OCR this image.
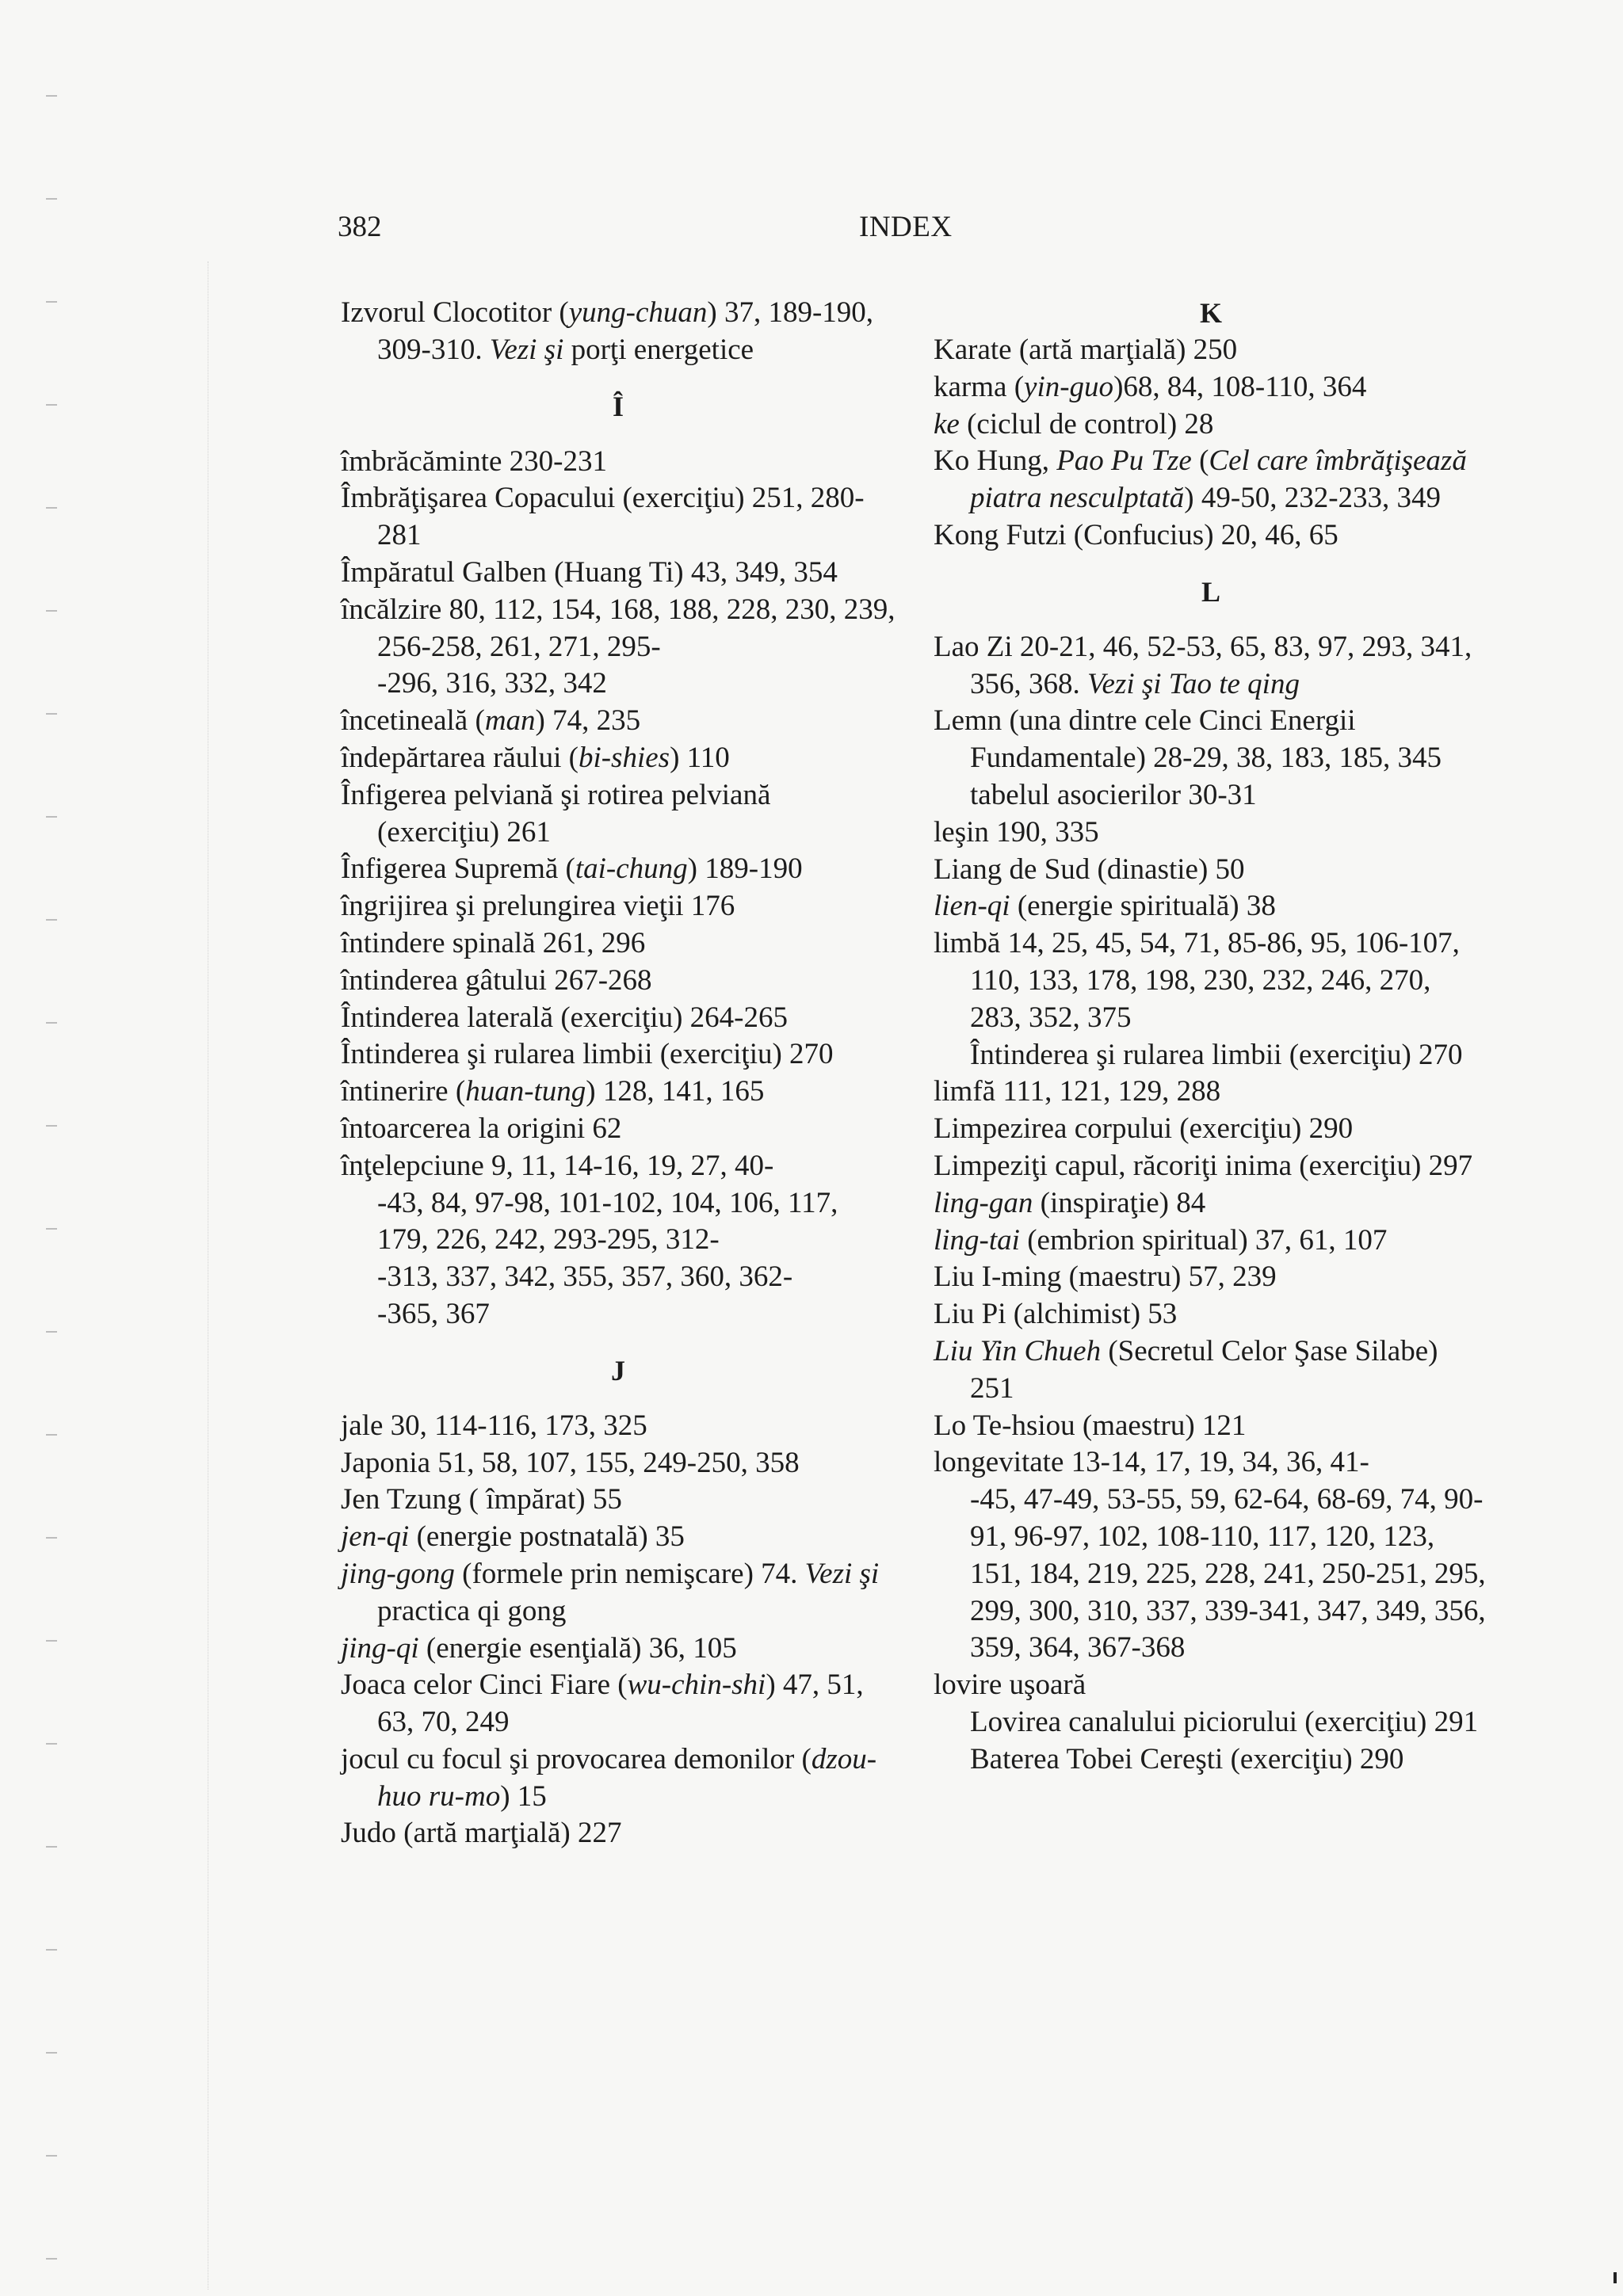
382	INDEX
Izvorul Clocotitor (yung-chuan) 37, 189-190, 309-310. Vezi şi porţi energetice
Î
îmbrăcăminte 230-231
Îmbrăţişarea Copacului (exerciţiu) 251, 280-281
Împăratul Galben (Huang Ti) 43, 349, 354
încălzire 80, 112, 154, 168, 188, 228, 230, 239, 256-258, 261, 271, 295-
-296, 316, 332, 342
încetineală (man) 74, 235
îndepărtarea răului (bi-shies) 110
Înfigerea pelviană şi rotirea pelviană (exerciţiu) 261
Înfigerea Supremă (tai-chung) 189-190
îngrijirea şi prelungirea vieţii 176
întindere spinală 261, 296
întinderea gâtului 267-268
Întinderea laterală (exerciţiu) 264-265
Întinderea şi rularea limbii (exerciţiu) 270
întinerire (huan-tung) 128, 141, 165
întoarcerea la origini 62
înţelepciune 9, 11, 14-16, 19, 27, 40-
-43, 84, 97-98, 101-102, 104, 106, 117, 179, 226, 242, 293-295, 312-
-313, 337, 342, 355, 357, 360, 362-
-365, 367
J
jale 30, 114-116, 173, 325
Japonia 51, 58, 107, 155, 249-250, 358
Jen Tzung ( împărat) 55
jen-qi (energie postnatală) 35
jing-gong (formele prin nemişcare) 74. Vezi şi practica qi gong
jing-qi (energie esenţială) 36, 105
Joaca celor Cinci Fiare (wu-chin-shi) 47, 51, 63, 70, 249
jocul cu focul şi provocarea demonilor (dzou-huo ru-mo) 15
Judo (artă marţială) 227
K
Karate (artă marţială) 250
karma (yin-guo)68, 84, 108-110, 364
ke (ciclul de control) 28
Ko Hung, Pao Pu Tze (Cel care îmbrăţişează piatra nesculptată) 49-50, 232-233, 349
Kong Futzi (Confucius) 20, 46, 65
L
Lao Zi 20-21, 46, 52-53, 65, 83, 97, 293, 341, 356, 368. Vezi şi Tao te qing
Lemn (una dintre cele Cinci Energii Fundamentale) 28-29, 38, 183, 185, 345
tabelul asocierilor 30-31
leşin 190, 335
Liang de Sud (dinastie) 50
lien-qi (energie spirituală) 38
limbă 14, 25, 45, 54, 71, 85-86, 95, 106-107, 110, 133, 178, 198, 230, 232, 246, 270, 283, 352, 375
Întinderea şi rularea limbii (exerciţiu) 270
limfă 111, 121, 129, 288
Limpezirea corpului (exerciţiu) 290
Limpeziţi capul, răcoriţi inima (exerciţiu) 297
ling-gan (inspiraţie) 84
ling-tai (embrion spiritual) 37, 61, 107
Liu I-ming (maestru) 57, 239
Liu Pi (alchimist) 53
Liu Yin Chueh (Secretul Celor Şase Silabe) 251
Lo Te-hsiou (maestru) 121
longevitate 13-14, 17, 19, 34, 36, 41-
-45, 47-49, 53-55, 59, 62-64, 68-69, 74, 90-91, 96-97, 102, 108-110, 117, 120, 123, 151, 184, 219, 225, 228, 241, 250-251, 295, 299, 300, 310, 337, 339-341, 347, 349, 356, 359, 364, 367-368
lovire uşoară
Lovirea canalului piciorului (exerciţiu) 291
Baterea Tobei Cereşti (exerciţiu) 290
